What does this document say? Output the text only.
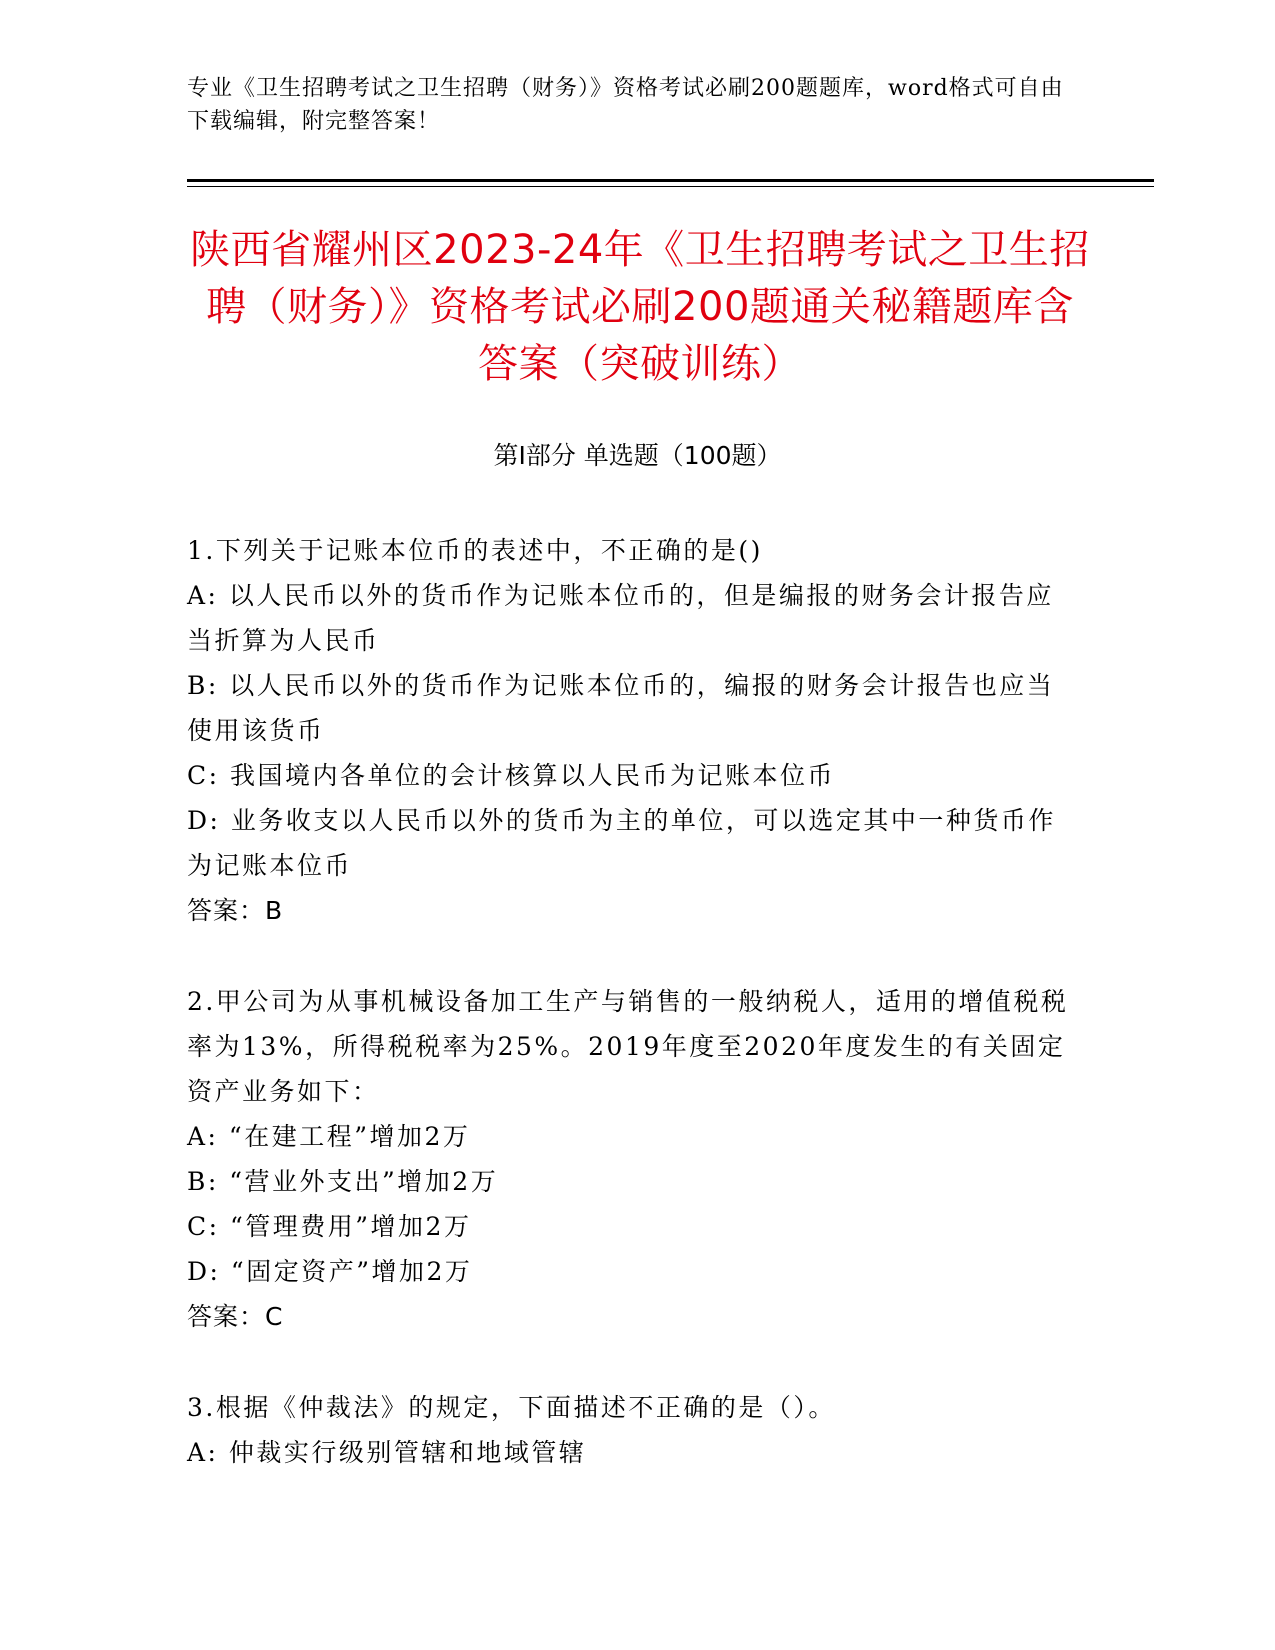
专业《卫生招聘考试之卫生招聘（财务）》资格考试必刷200题题库，word格式可自由下载编辑，附完整答案！
陕西省耀州区2023-24年《卫生招聘考试之卫生招聘（财务）》资格考试必刷200题通关秘籍题库含答案（突破训练）
第Ⅰ部分 单选题（100题）
1.下列关于记账本位币的表述中，不正确的是()
A: 以人民币以外的货币作为记账本位币的，但是编报的财务会计报告应当折算为人民币
B: 以人民币以外的货币作为记账本位币的，编报的财务会计报告也应当使用该货币
C: 我国境内各单位的会计核算以人民币为记账本位币
D: 业务收支以人民币以外的货币为主的单位，可以选定其中一种货币作为记账本位币
答案：B
2.甲公司为从事机械设备加工生产与销售的一般纳税人，适用的增值税税率为13%，所得税税率为25%。2019年度至2020年度发生的有关固定资产业务如下：
A: “在建工程”增加2万
B: “营业外支出”增加2万
C: “管理费用”增加2万
D: “固定资产”增加2万
答案：C
3.根据《仲裁法》的规定，下面描述不正确的是（）。
A: 仲裁实行级别管辖和地域管辖
